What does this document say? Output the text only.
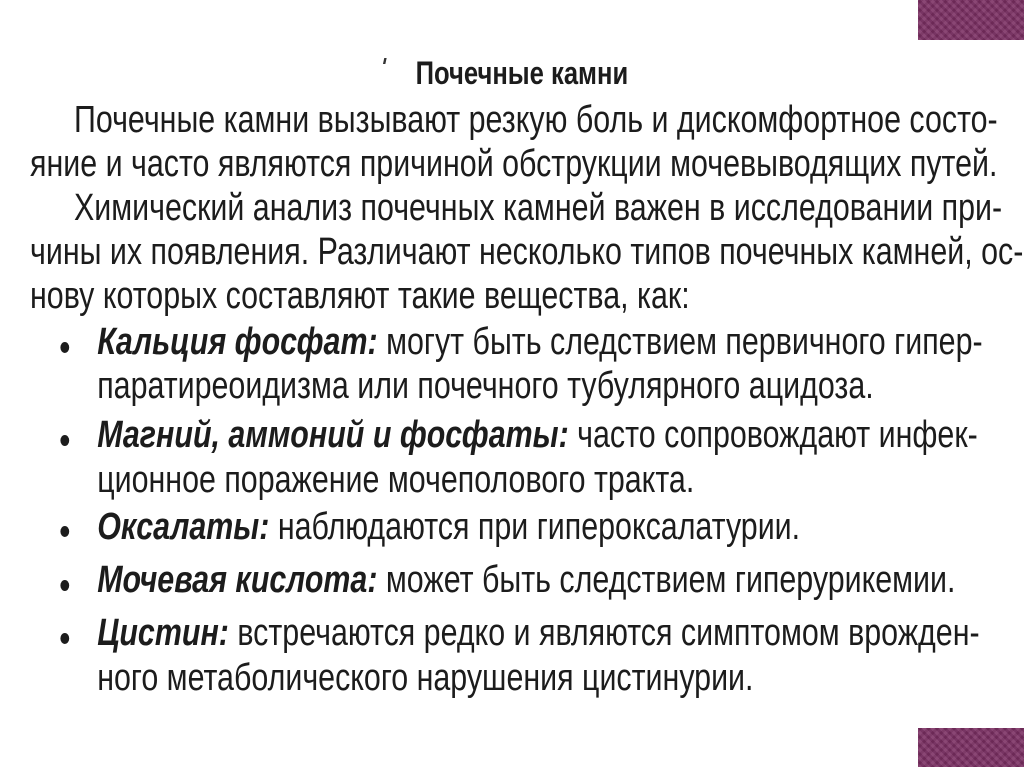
Почечные камни
Почечные камни вызывают резкую боль и дискомфортное состо-
яние и часто являются причиной обструкции мочевыводящих путей.
Химический анализ почечных камней важен в исследовании при-
чины их появления. Различают несколько типов почечных камней, ос-
нову которых составляют такие вещества, как:
Кальция фосфат: могут быть следствием первичного гипер-
паратиреоидизма или почечного тубулярного ацидоза.
Магний, аммоний и фосфаты: часто сопровождают инфек-
ционное поражение мочеполового тракта.
Оксалаты: наблюдаются при гипероксалатурии.
Мочевая кислота: может быть следствием гиперурикемии.
Цистин: встречаются редко и являются симптомом врожден-
ного метаболического нарушения цистинурии.
